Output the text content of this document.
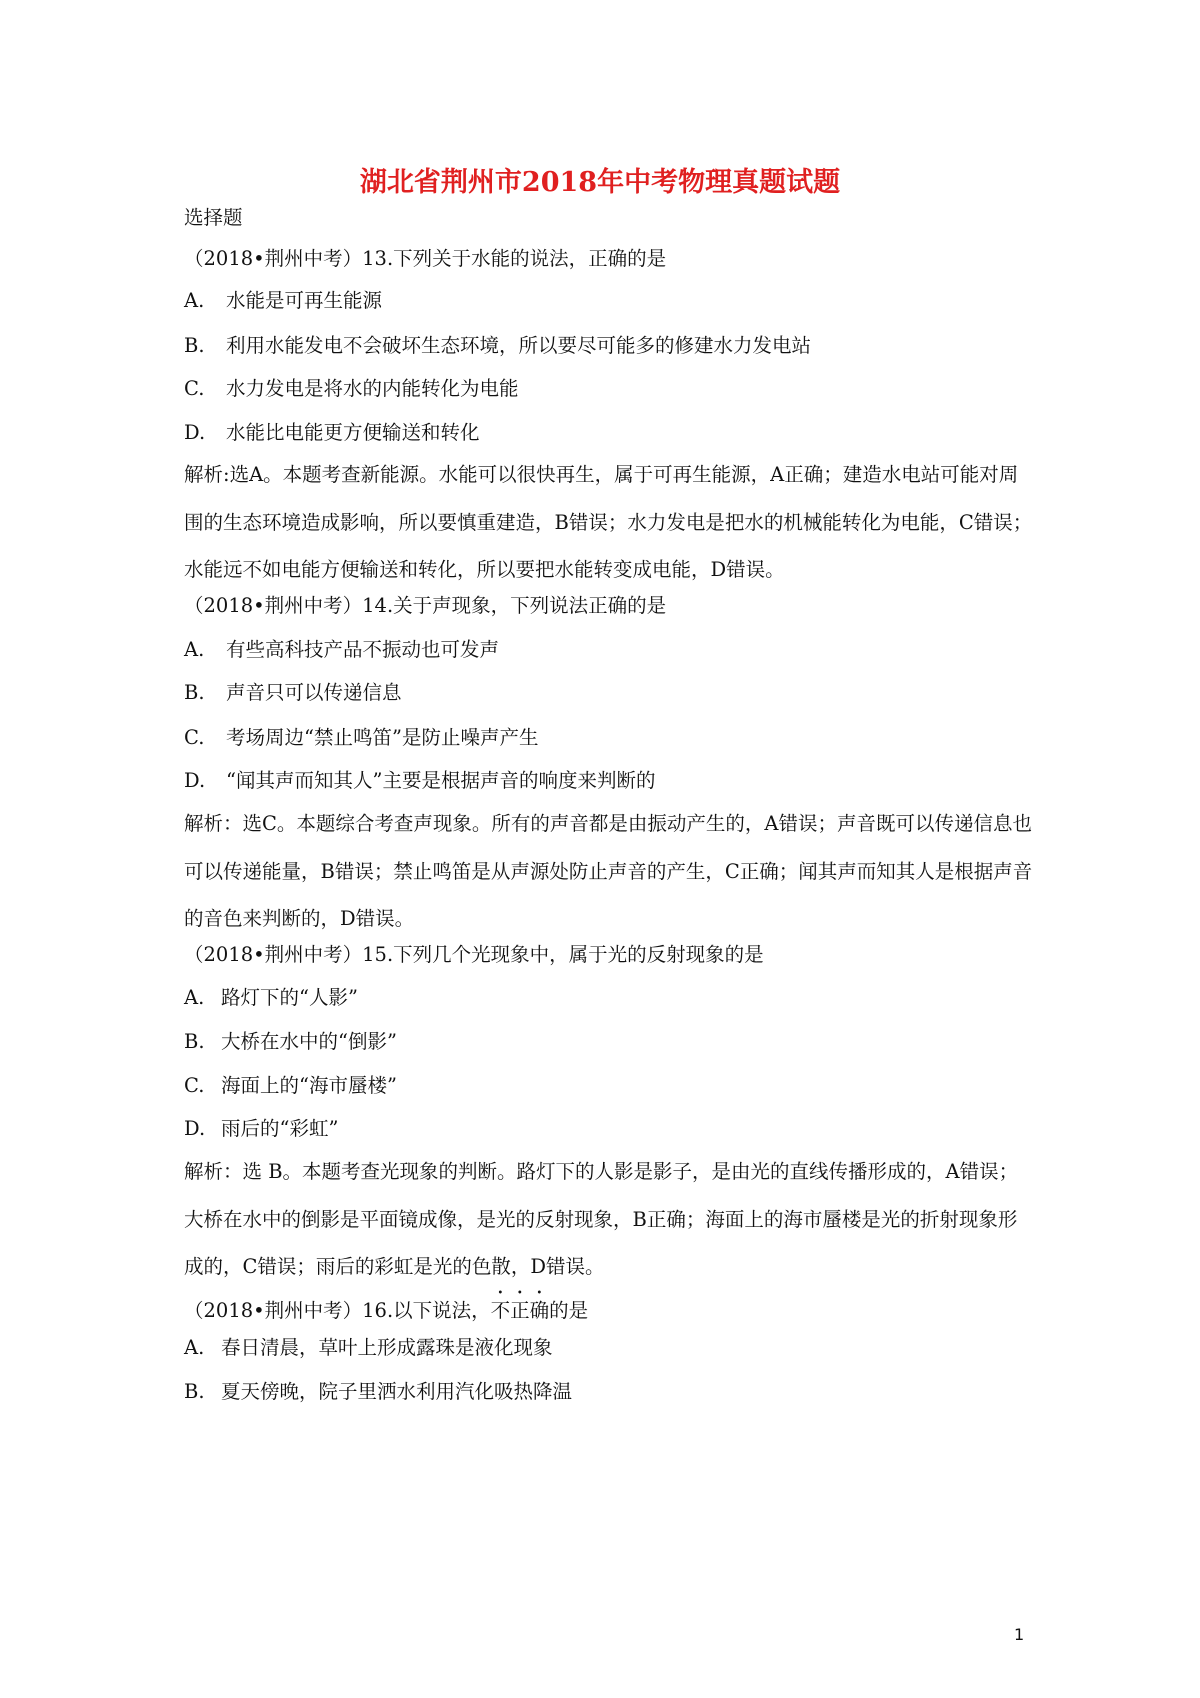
湖北省荆州市2018年中考物理真题试题
选择题
（2018•荆州中考）13.下列关于水能的说法，正确的是
A. 水能是可再生能源
B. 利用水能发电不会破坏生态环境，所以要尽可能多的修建水力发电站
C. 水力发电是将水的内能转化为电能
D. 水能比电能更方便输送和转化
解析:选A。本题考查新能源。水能可以很快再生，属于可再生能源，A正确；建造水电站可能对周围的生态环境造成影响，所以要慎重建造，B错误；水力发电是把水的机械能转化为电能，C错误；水能远不如电能方便输送和转化，所以要把水能转变成电能，D错误。
（2018•荆州中考）14.关于声现象，下列说法正确的是
A. 有些高科技产品不振动也可发声
B. 声音只可以传递信息
C. 考场周边“禁止鸣笛”是防止噪声产生
D. “闻其声而知其人”主要是根据声音的响度来判断的
解析：选C。本题综合考查声现象。所有的声音都是由振动产生的，A错误；声音既可以传递信息也可以传递能量，B错误；禁止鸣笛是从声源处防止声音的产生，C正确；闻其声而知其人是根据声音的音色来判断的，D错误。
（2018•荆州中考）15.下列几个光现象中，属于光的反射现象的是
A. 路灯下的“人影”
B. 大桥在水中的“倒影”
C. 海面上的“海市蜃楼”
D. 雨后的“彩虹”
解析：选 B。本题考查光现象的判断。路灯下的人影是影子，是由光的直线传播形成的，A错误；大桥在水中的倒影是平面镜成像，是光的反射现象，B正确；海面上的海市蜃楼是光的折射现象形成的，C错误；雨后的彩虹是光的色散，D错误。
（2018•荆州中考）16.以下说法，不正确的是
A. 春日清晨，草叶上形成露珠是液化现象
B. 夏天傍晚，院子里洒水利用汽化吸热降温
1
